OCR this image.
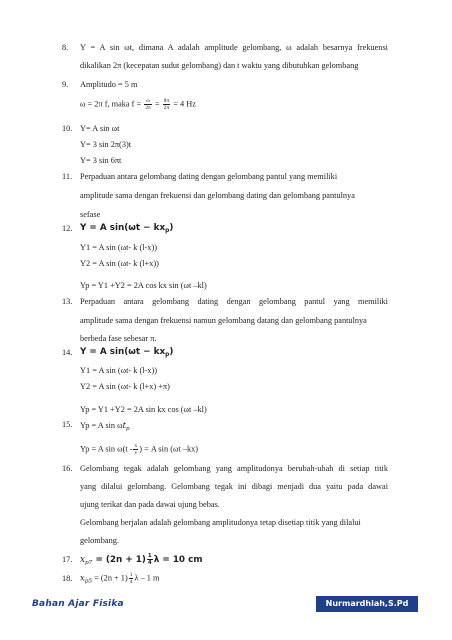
8. Y = A sin ωt, dimana A adalah amplitude gelombang, ω adalah besarnya frekuensi
dikalikan 2π (kecepatan sudut gelombang) dan t waktu yang dibutuhkan gelombang
9. Amplitudo = 5 m
ω = 2π f, maka $f = \frac{\omega}{2\pi} = \frac{8\pi}{2\pi} = 4$ Hz
10. Y= A sin ωt
Y= 3 sin 2π(3)t
Y= 3 sin 6πt
11. Perpaduan antara gelombang dating dengan gelombang pantul yang memiliki
amplitude sama dengan frekuensi dan gelombang dating dan gelombang pantulnya
sefase
12. Y = A $\sin(\omega t - kx_p)$
Y1 = A sin (ωt- k (l-x))
Y2 = A sin (ωt- k (l+x))
Yp = Y1 +Y2 = 2A cos kx sin (ωt –kl)
13. Perpaduan antara gelombang dating dengan gelombang pantul yang memiliki
amplitude sama dengan frekuensi namun gelombang datang dan gelombang pantulnya
berbeda fase sebesar π.
14. Y = A $\sin(\omega t - kx_p)$
Y1 = A sin (ωt- k (l-x))
Y2 = A sin (ωt- k (l+x) +π)
Yp = Y1 +Y2 = 2A sin kx cos (ωt –kl)
15. Yp = A $\sin \omega t_p$
Yp = A $\sin \omega(t - \frac{x}{v}$ ) = A sin (ωt –kx)
16. Gelombang tegak adalah gelombang yang amplitudonya berubah-ubah di setiap titik
yang dilalui gelombang. Gelombang tegak ini dibagi menjadi dua yaitu pada dawai
ujung terikat dan pada dawai ujung bebas.
Gelombang berjalan adalah gelombang amplitudonya tetap disetiap titik yang dilalui
gelombang.
17. $x_{p7} = (2n + 1) \frac{1}{4}$ λ = 10 cm
18. $x_{p5} = (2n + 1) \frac{1}{4}$ λ – 1 m
Bahan Ajar Fisika	Nurmardhiah,S.Pd
